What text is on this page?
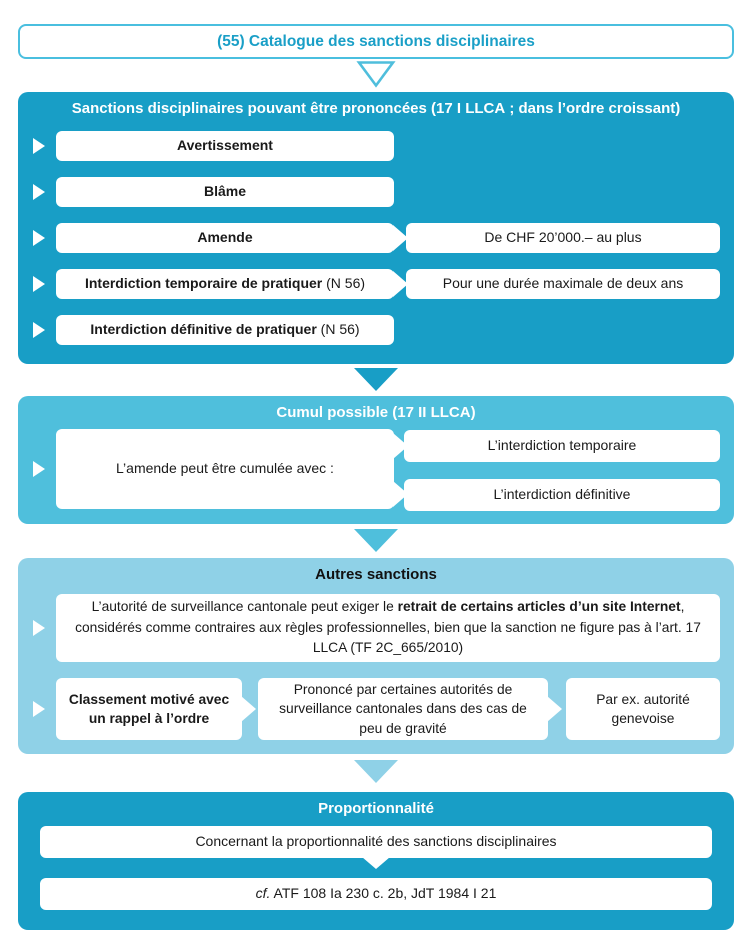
(55) Catalogue des sanctions disciplinaires
Sanctions disciplinaires pouvant être prononcées (17 I LLCA ; dans l’ordre croissant)
Avertissement
Blâme
Amende	De CHF 20’000.– au plus
Interdiction temporaire de pratiquer (N 56)	Pour une durée maximale de deux ans
Interdiction définitive de pratiquer (N 56)
Cumul possible (17 II LLCA)
L’amende peut être cumulée avec :
L’interdiction temporaire
L’interdiction définitive
Autres sanctions
L’autorité de surveillance cantonale peut exiger le retrait de certains articles d’un site Internet, considérés comme contraires aux règles professionnelles, bien que la sanction ne figure pas à l’art. 17 LLCA (TF 2C_665/2010)
Classement motivé avec un rappel à l’ordre
Prononcé par certaines autorités de surveillance cantonales dans des cas de peu de gravité
Par ex. autorité genevoise
Proportionnalité
Concernant la proportionnalité des sanctions disciplinaires
cf. ATF 108 Ia 230 c. 2b, JdT 1984 I 21
